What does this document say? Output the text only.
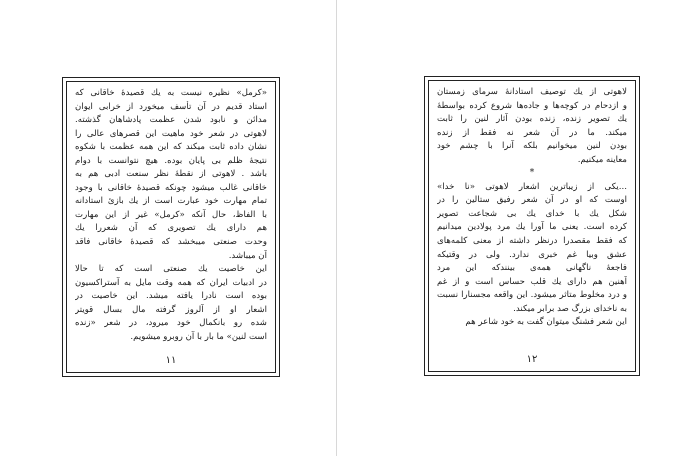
«کرمل» نظیره نیست به یك قصیدهٔ خاقانی كه
استاد قدیم در آن تأسف میخورد از خرابی ایوان
مدائن و نابود شدن عظمت پادشاهان گذشته.
لاهوتی در شعر خود ماهیت این قصرهای عالی را
نشان داده ثابت میكند كه این همه عظمت با شكوه
نتیجهٔ ظلم بی پایان بوده. هیچ نتوانست با دوام
باشد . لاهوتی از نقطهٔ نظر سنعت ادبی هم به
خاقانی غالب میشود چونكه قصیدهٔ خاقانی با وجود
تمام مهارت خود عبارت است از یك بازیٔ استادانه
با الفاظ، حال آنكه «كرمل» غیر از این مهارت
هم دارای یك تصویری كه آن شعررا یك
وحدت صنعتی میبخشد كه قصیدهٔ خاقانی فاقد
آن میباشد.
این خاصیت یك صنعتی است كه تا حالا
در ادبیات ایران كه همه وقت مایل به آستراكسیون
بوده است نادرا یافته میشد. این خاصیت در
اشعار او از آلروز گرفته مال بسال قویتر
شده رو بانكمال خود میرود، در شعر «زنده
است لنین» ما بار با آن روبرو میشویم.
۱۱
لاهوتی از یك توصیف استادانهٔ سرمای زمستان
و ازدحام در كوچه‌ها و جاده‌ها شروع كرده بواسطهٔ
یك تصویر زنده، زنده بودن آثار لنین را ثابت
میكند. ما در آن شعر نه فقط از زنده
بودن لنین میخوانیم بلكه آنرا با چشم خود
معاینه میكنیم.
*
...یكی از زیباترین اشعار لاهوتی «نا خدا»
اوست كه او در آن شعر رفیق ستالین را در
شكل یك با خدای یك بی شجاعت تصویر
كرده است. یعنی ما آورا یك مرد پولادین میدانیم
كه فقط مقصدرا درنظر داشته از معنی كلمه‌های
عشق وبیا غم خبری ندارد. ولی در وقتیكه
فاجعهٔ ناگهانی همه‌ی بینندكه این مرد
آهنین هم دارای یك قلب حساس است و از غم
و درد مخلوط متاثر میشود. این واقعه مجسنارا نسبت
به ناخدای بزرگ صد برابر میكند.
این شعر فشنگ میتوان گفت به خود شاعر هم
۱۲
